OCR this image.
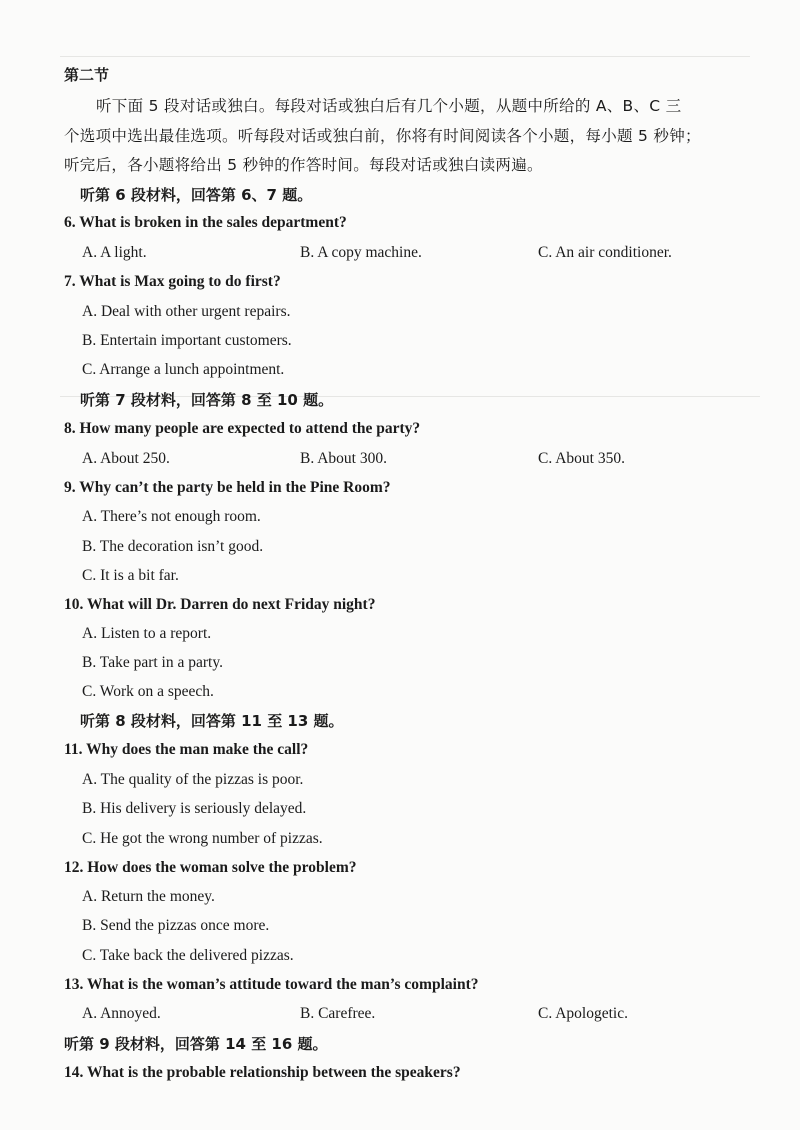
第二节
听下面 5 段对话或独白。每段对话或独白后有几个小题，从题中所给的 A、B、C 三
个选项中选出最佳选项。听每段对话或独白前，你将有时间阅读各个小题，每小题 5 秒钟；
听完后，各小题将给出 5 秒钟的作答时间。每段对话或独白读两遍。
听第 6 段材料，回答第 6、7 题。
6. What is broken in the sales department?
A. A light.	B. A copy machine.	C. An air conditioner.
7. What is Max going to do first?
A. Deal with other urgent repairs.
B. Entertain important customers.
C. Arrange a lunch appointment.
听第 7 段材料，回答第 8 至 10 题。
8. How many people are expected to attend the party?
A. About 250.	B. About 300.	C. About 350.
9. Why can’t the party be held in the Pine Room?
A. There’s not enough room.
B. The decoration isn’t good.
C. It is a bit far.
10. What will Dr. Darren do next Friday night?
A. Listen to a report.
B. Take part in a party.
C. Work on a speech.
听第 8 段材料，回答第 11 至 13 题。
11. Why does the man make the call?
A. The quality of the pizzas is poor.
B. His delivery is seriously delayed.
C. He got the wrong number of pizzas.
12. How does the woman solve the problem?
A. Return the money.
B. Send the pizzas once more.
C. Take back the delivered pizzas.
13. What is the woman’s attitude toward the man’s complaint?
A. Annoyed.	B. Carefree.	C. Apologetic.
听第 9 段材料，回答第 14 至 16 题。
14. What is the probable relationship between the speakers?
